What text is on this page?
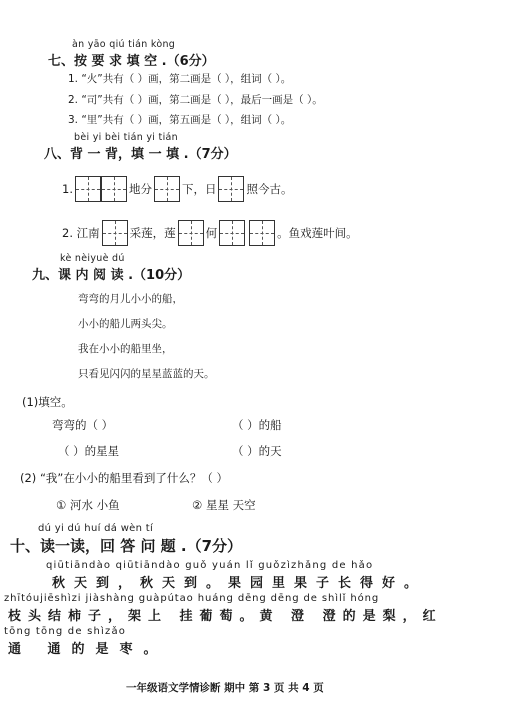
àn yāo qiú tián kòng
七、按 要 求 填 空 .（6分）
1. “火”共有（ ）画，第二画是（ ），组词（ ）。
2. “司”共有（ ）画，第二画是（ ），最后一画是（ ）。
3. “里”共有（ ）画，第五画是（ ），组词（ ）。
bèi yi bèi tián yi tián
八、背 一 背，填 一 填 .（7分）
1.	地分	下，日	照今古。
2. 江南	采莲，莲	何	。鱼戏莲叶间。
kè nèiyuè dú
九、课 内 阅 读 .（10分）
弯弯的月儿小小的船，
小小的船儿两头尖。
我在小小的船里坐，
只看见闪闪的星星蓝蓝的天。
(1)填空。
弯弯的（ ）	（ ）的船
（ ）的星星	（ ）的天
(2) “我”在小小的船里看到了什么？（ ）
① 河水 小鱼	② 星星 天空
dú yi dú huí dá wèn tí
十、读一读，回 答 问 题 .（7分）
qiūtiāndào qiūtiāndào guǒ yuán lǐ guǒzìzhǎng de hǎo
秋天到，秋天到。果园里果子长得好。
zhītóujiēshìzi jiàshàng guàpútao huáng dēng dēng de shìlǐ hóng
枝头结柿子，架上 挂葡萄。黄 澄 澄的是梨，红
tōng tōng de shìzǎo
通 通的是枣。
一年级语文学情诊断 期中 第 3 页 共 4 页
